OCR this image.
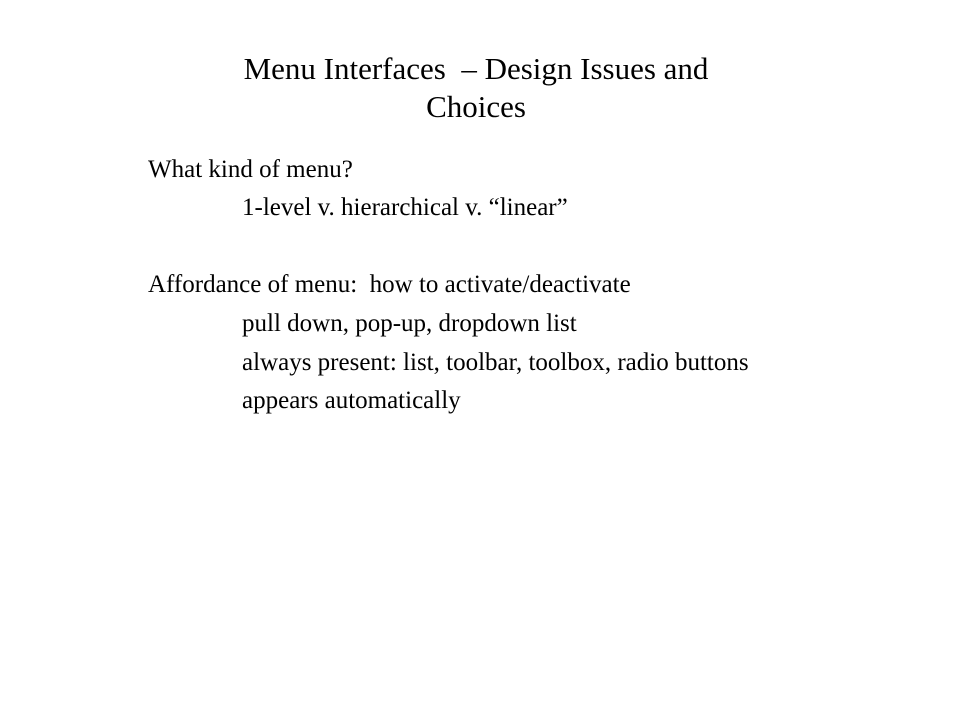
Menu Interfaces  – Design Issues and
Choices
What kind of menu?
1-level v. hierarchical v. “linear”
Affordance of menu:  how to activate/deactivate
pull down, pop-up, dropdown list
always present: list, toolbar, toolbox, radio buttons
appears automatically
